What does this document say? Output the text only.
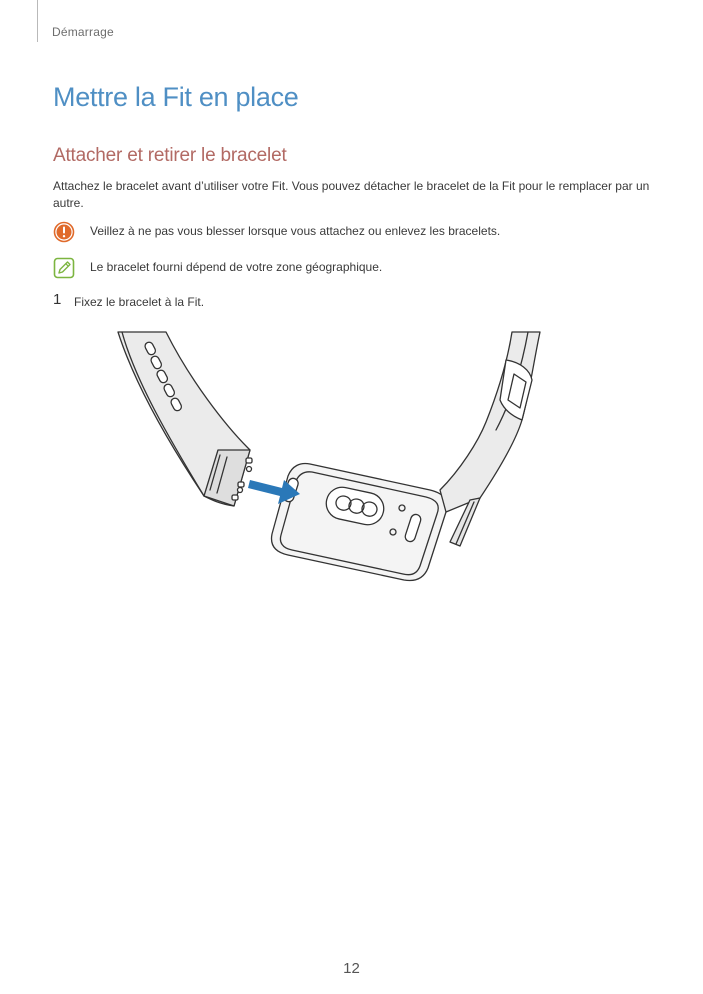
Démarrage
Mettre la Fit en place
Attacher et retirer le bracelet

Attachez le bracelet avant d’utiliser votre Fit. Vous pouvez détacher le bracelet de la Fit pour le remplacer par un autre.

Veillez à ne pas vous blesser lorsque vous attachez ou enlevez les bracelets.
Le bracelet fourni dépend de votre zone géographique.
1 Fixez le bracelet à la Fit.
12
